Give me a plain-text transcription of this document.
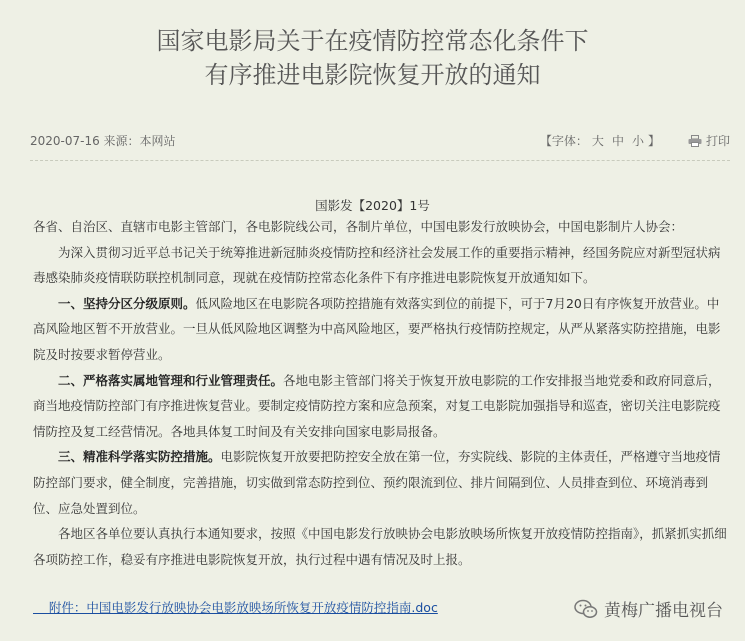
国家电影局关于在疫情防控常态化条件下
有序推进电影院恢复开放的通知
2020-07-16 来源：本网站	【字体： 大 中 小 】	打印
国影发【2020】1号

各省、自治区、直辖市电影主管部门，各电影院线公司，各制片单位，中国电影发行放映协会，中国电影制片人协会：

为深入贯彻习近平总书记关于统筹推进新冠肺炎疫情防控和经济社会发展工作的重要指示精神，经国务院应对新型冠状病毒感染肺炎疫情联防联控机制同意，现就在疫情防控常态化条件下有序推进电影院恢复开放通知如下。

一、坚持分区分级原则。低风险地区在电影院各项防控措施有效落实到位的前提下，可于7月20日有序恢复开放营业。中高风险地区暂不开放营业。一旦从低风险地区调整为中高风险地区，要严格执行疫情防控规定，从严从紧落实防控措施，电影院及时按要求暂停营业。

二、严格落实属地管理和行业管理责任。各地电影主管部门将关于恢复开放电影院的工作安排报当地党委和政府同意后，商当地疫情防控部门有序推进恢复营业。要制定疫情防控方案和应急预案，对复工电影院加强指导和巡查，密切关注电影院疫情防控及复工经营情况。各地具体复工时间及有关安排向国家电影局报备。

三、精准科学落实防控措施。电影院恢复开放要把防控安全放在第一位，夯实院线、影院的主体责任，严格遵守当地疫情防控部门要求，健全制度，完善措施，切实做到常态防控到位、预约限流到位、排片间隔到位、人员排查到位、环境消毒到位、应急处置到位。

各地区各单位要认真执行本通知要求，按照《中国电影发行放映协会电影放映场所恢复开放疫情防控指南》，抓紧抓实抓细各项防控工作，稳妥有序推进电影院恢复开放，执行过程中遇有情况及时上报。

附件：中国电影发行放映协会电影放映场所恢复开放疫情防控指南.doc	黄梅广播电视台
